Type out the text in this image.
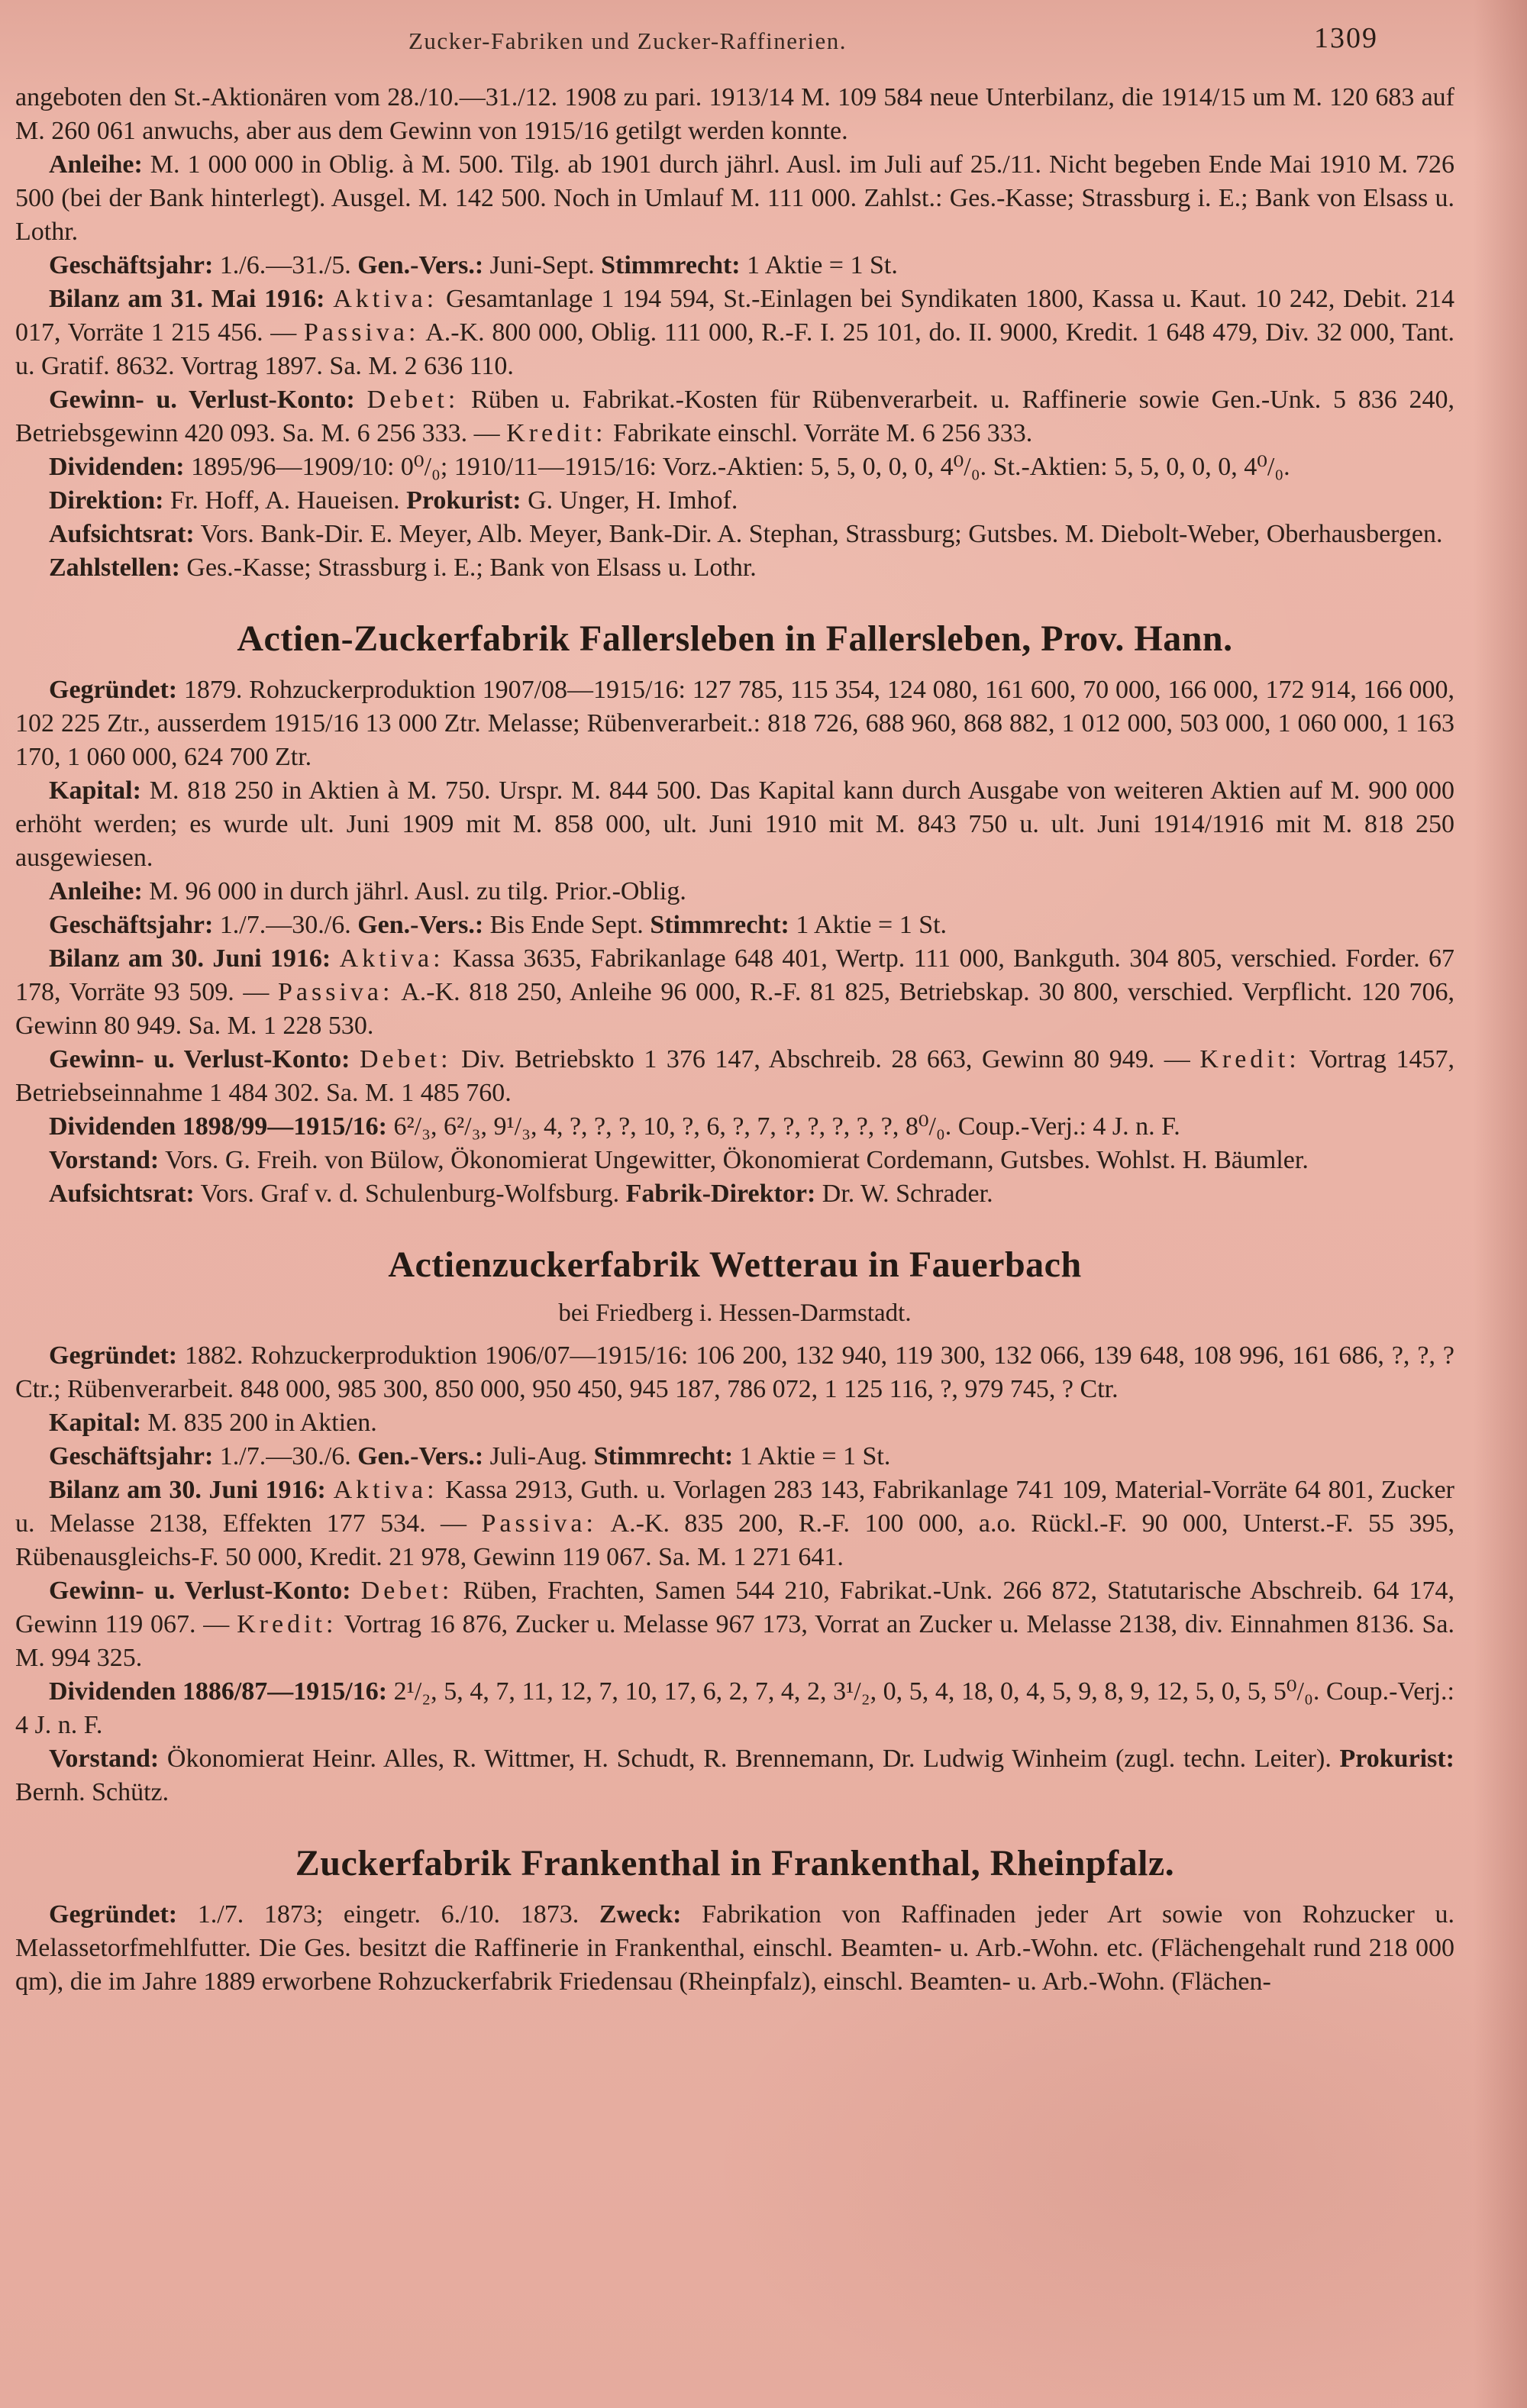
Zucker-Fabriken und Zucker-Raffinerien.	1309

angeboten den St.-Aktionären vom 28./10.—31./12. 1908 zu pari. 1913/14 M. 109 584 neue Unterbilanz, die 1914/15 um M. 120 683 auf M. 260 061 anwuchs, aber aus dem Gewinn von 1915/16 getilgt werden konnte.

Anleihe: M. 1 000 000 in Oblig. à M. 500. Tilg. ab 1901 durch jährl. Ausl. im Juli auf 25./11. Nicht begeben Ende Mai 1910 M. 726 500 (bei der Bank hinterlegt). Ausgel. M. 142 500. Noch in Umlauf M. 111 000. Zahlst.: Ges.-Kasse; Strassburg i. E.; Bank von Elsass u. Lothr.

Geschäftsjahr: 1./6.—31./5. Gen.-Vers.: Juni-Sept. Stimmrecht: 1 Aktie = 1 St.

Bilanz am 31. Mai 1916: Aktiva: Gesamtanlage 1 194 594, St.-Einlagen bei Syndikaten 1800, Kassa u. Kaut. 10 242, Debit. 214 017, Vorräte 1 215 456. — Passiva: A.-K. 800 000, Oblig. 111 000, R.-F. I. 25 101, do. II. 9000, Kredit. 1 648 479, Div. 32 000, Tant. u. Gratif. 8632. Vortrag 1897. Sa. M. 2 636 110.

Gewinn- u. Verlust-Konto: Debet: Rüben u. Fabrikat.-Kosten für Rübenverarbeit. u. Raffinerie sowie Gen.-Unk. 5 836 240, Betriebsgewinn 420 093. Sa. M. 6 256 333. — Kredit: Fabrikate einschl. Vorräte M. 6 256 333.

Dividenden: 1895/96—1909/10: 0⁰/₀; 1910/11—1915/16: Vorz.-Aktien: 5, 5, 0, 0, 0, 4⁰/₀. St.-Aktien: 5, 5, 0, 0, 0, 4⁰/₀.

Direktion: Fr. Hoff, A. Haueisen. Prokurist: G. Unger, H. Imhof.

Aufsichtsrat: Vors. Bank-Dir. E. Meyer, Alb. Meyer, Bank-Dir. A. Stephan, Strassburg; Gutsbes. M. Diebolt-Weber, Oberhausbergen.

Zahlstellen: Ges.-Kasse; Strassburg i. E.; Bank von Elsass u. Lothr.

Actien-Zuckerfabrik Fallersleben in Fallersleben, Prov. Hann.

Gegründet: 1879. Rohzuckerproduktion 1907/08—1915/16: 127 785, 115 354, 124 080, 161 600, 70 000, 166 000, 172 914, 166 000, 102 225 Ztr., ausserdem 1915/16 13 000 Ztr. Melasse; Rübenverarbeit.: 818 726, 688 960, 868 882, 1 012 000, 503 000, 1 060 000, 1 163 170, 1 060 000, 624 700 Ztr.

Kapital: M. 818 250 in Aktien à M. 750. Urspr. M. 844 500. Das Kapital kann durch Ausgabe von weiteren Aktien auf M. 900 000 erhöht werden; es wurde ult. Juni 1909 mit M. 858 000, ult. Juni 1910 mit M. 843 750 u. ult. Juni 1914/1916 mit M. 818 250 ausgewiesen.

Anleihe: M. 96 000 in durch jährl. Ausl. zu tilg. Prior.-Oblig.

Geschäftsjahr: 1./7.—30./6. Gen.-Vers.: Bis Ende Sept. Stimmrecht: 1 Aktie = 1 St.

Bilanz am 30. Juni 1916: Aktiva: Kassa 3635, Fabrikanlage 648 401, Wertp. 111 000, Bankguth. 304 805, verschied. Forder. 67 178, Vorräte 93 509. — Passiva: A.-K. 818 250, Anleihe 96 000, R.-F. 81 825, Betriebskap. 30 800, verschied. Verpflicht. 120 706, Gewinn 80 949. Sa. M. 1 228 530.

Gewinn- u. Verlust-Konto: Debet: Div. Betriebskto 1 376 147, Abschreib. 28 663, Gewinn 80 949. — Kredit: Vortrag 1457, Betriebseinnahme 1 484 302. Sa. M. 1 485 760.

Dividenden 1898/99—1915/16: 6²/₃, 6²/₃, 9¹/₃, 4, ?, ?, ?, 10, ?, 6, ?, 7, ?, ?, ?, ?, ?, 8⁰/₀. Coup.-Verj.: 4 J. n. F.

Vorstand: Vors. G. Freih. von Bülow, Ökonomierat Ungewitter, Ökonomierat Cordemann, Gutsbes. Wohlst. H. Bäumler.

Aufsichtsrat: Vors. Graf v. d. Schulenburg-Wolfsburg. Fabrik-Direktor: Dr. W. Schrader.

Actienzuckerfabrik Wetterau in Fauerbach
bei Friedberg i. Hessen-Darmstadt.

Gegründet: 1882. Rohzuckerproduktion 1906/07—1915/16: 106 200, 132 940, 119 300, 132 066, 139 648, 108 996, 161 686, ?, ?, ? Ctr.; Rübenverarbeit. 848 000, 985 300, 850 000, 950 450, 945 187, 786 072, 1 125 116, ?, 979 745, ? Ctr.

Kapital: M. 835 200 in Aktien.

Geschäftsjahr: 1./7.—30./6. Gen.-Vers.: Juli-Aug. Stimmrecht: 1 Aktie = 1 St.

Bilanz am 30. Juni 1916: Aktiva: Kassa 2913, Guth. u. Vorlagen 283 143, Fabrikanlage 741 109, Material-Vorräte 64 801, Zucker u. Melasse 2138, Effekten 177 534. — Passiva: A.-K. 835 200, R.-F. 100 000, a.o. Rückl.-F. 90 000, Unterst.-F. 55 395, Rübenausgleichs-F. 50 000, Kredit. 21 978, Gewinn 119 067. Sa. M. 1 271 641.

Gewinn- u. Verlust-Konto: Debet: Rüben, Frachten, Samen 544 210, Fabrikat.-Unk. 266 872, Statutarische Abschreib. 64 174, Gewinn 119 067. — Kredit: Vortrag 16 876, Zucker u. Melasse 967 173, Vorrat an Zucker u. Melasse 2138, div. Einnahmen 8136. Sa. M. 994 325.

Dividenden 1886/87—1915/16: 2¹/₂, 5, 4, 7, 11, 12, 7, 10, 17, 6, 2, 7, 4, 2, 3¹/₂, 0, 5, 4, 18, 0, 4, 5, 9, 8, 9, 12, 5, 0, 5, 5⁰/₀. Coup.-Verj.: 4 J. n. F.

Vorstand: Ökonomierat Heinr. Alles, R. Wittmer, H. Schudt, R. Brennemann, Dr. Ludwig Winheim (zugl. techn. Leiter). Prokurist: Bernh. Schütz.

Zuckerfabrik Frankenthal in Frankenthal, Rheinpfalz.

Gegründet: 1./7. 1873; eingetr. 6./10. 1873. Zweck: Fabrikation von Raffinaden jeder Art sowie von Rohzucker u. Melassetorfmehlfutter. Die Ges. besitzt die Raffinerie in Frankenthal, einschl. Beamten- u. Arb.-Wohn. etc. (Flächengehalt rund 218 000 qm), die im Jahre 1889 erworbene Rohzuckerfabrik Friedensau (Rheinpfalz), einschl. Beamten- u. Arb.-Wohn. (Flächen-
